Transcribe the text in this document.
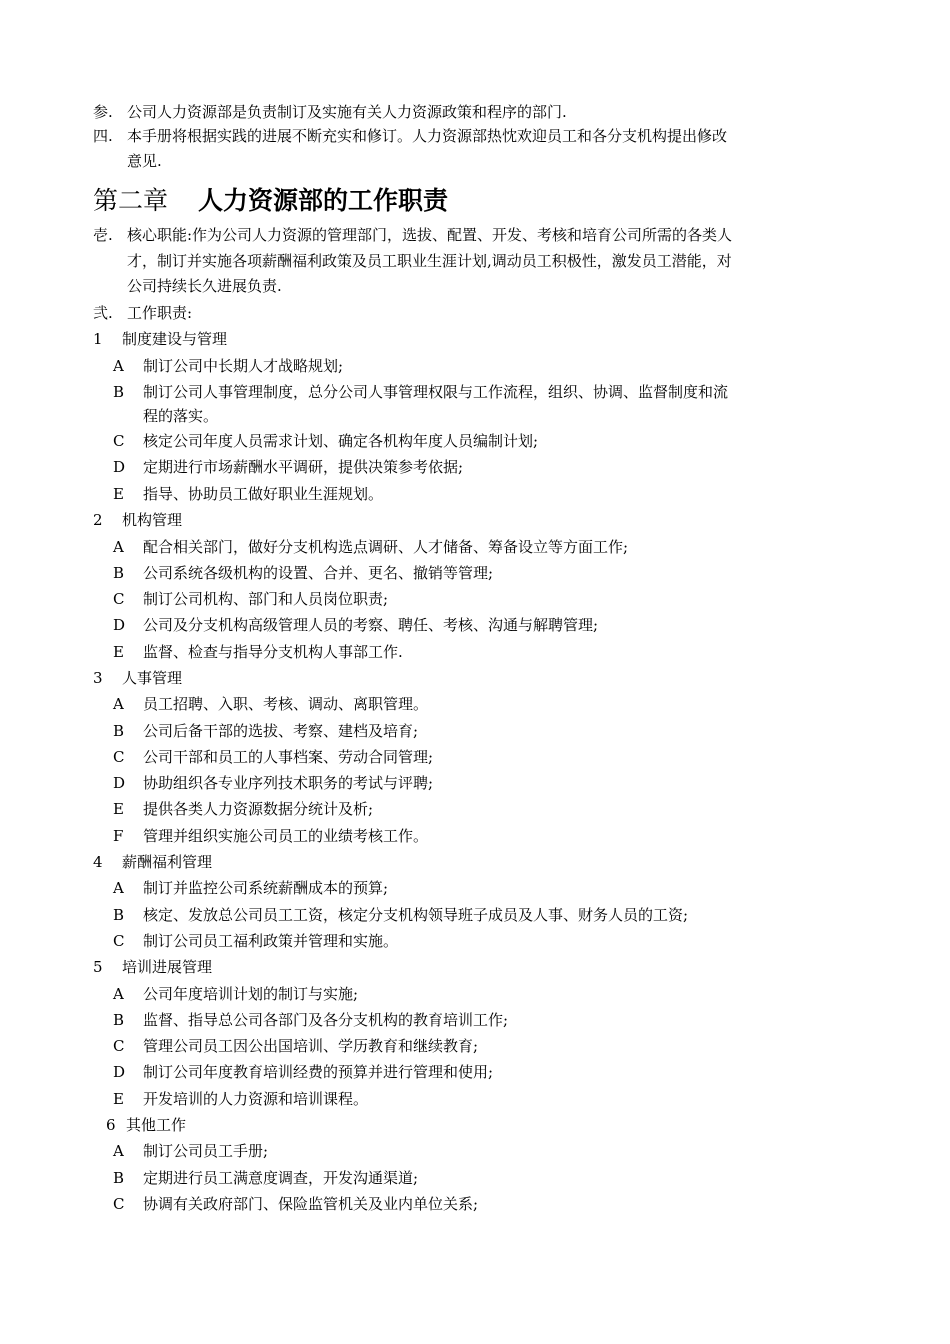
参. 公司人力资源部是负责制订及实施有关人力资源政策和程序的部门.
四. 本手册将根据实践的进展不断充实和修订。人力资源部热忱欢迎员工和各分支机构提出修改
意见.
第二章 人力资源部的工作职责
壱. 核心职能:作为公司人力资源的管理部门，选拔、配置、开发、考核和培育公司所需的各类人
才，制订并实施各项薪酬福利政策及员工职业生涯计划,调动员工积极性，激发员工潜能，对
公司持续长久进展负责.
弐. 工作职责:
1 制度建设与管理
A 制订公司中长期人才战略规划;
B 制订公司人事管理制度，总分公司人事管理权限与工作流程，组织、协调、监督制度和流
程的落实。
C 核定公司年度人员需求计划、确定各机构年度人员编制计划;
D 定期进行市场薪酬水平调研，提供决策参考依据;
E 指导、协助员工做好职业生涯规划。
2 机构管理
A 配合相关部门，做好分支机构选点调研、人才储备、筹备设立等方面工作;
B 公司系统各级机构的设置、合并、更名、撤销等管理;
C 制订公司机构、部门和人员岗位职责;
D 公司及分支机构高级管理人员的考察、聘任、考核、沟通与解聘管理;
E 监督、检查与指导分支机构人事部工作.
3 人事管理
A 员工招聘、入职、考核、调动、离职管理。
B 公司后备干部的选拔、考察、建档及培育;
C 公司干部和员工的人事档案、劳动合同管理;
D 协助组织各专业序列技术职务的考试与评聘;
E 提供各类人力资源数据分统计及析;
F 管理并组织实施公司员工的业绩考核工作。
4 薪酬福利管理
A 制订并监控公司系统薪酬成本的预算;
B 核定、发放总公司员工工资，核定分支机构领导班子成员及人事、财务人员的工资;
C 制订公司员工福利政策并管理和实施。
5 培训进展管理
A 公司年度培训计划的制订与实施;
B 监督、指导总公司各部门及各分支机构的教育培训工作;
C 管理公司员工因公出国培训、学历教育和继续教育;
D 制订公司年度教育培训经费的预算并进行管理和使用;
E 开发培训的人力资源和培训课程。
6 其他工作
A 制订公司员工手册;
B 定期进行员工满意度调查，开发沟通渠道;
C 协调有关政府部门、保险监管机关及业内单位关系;
